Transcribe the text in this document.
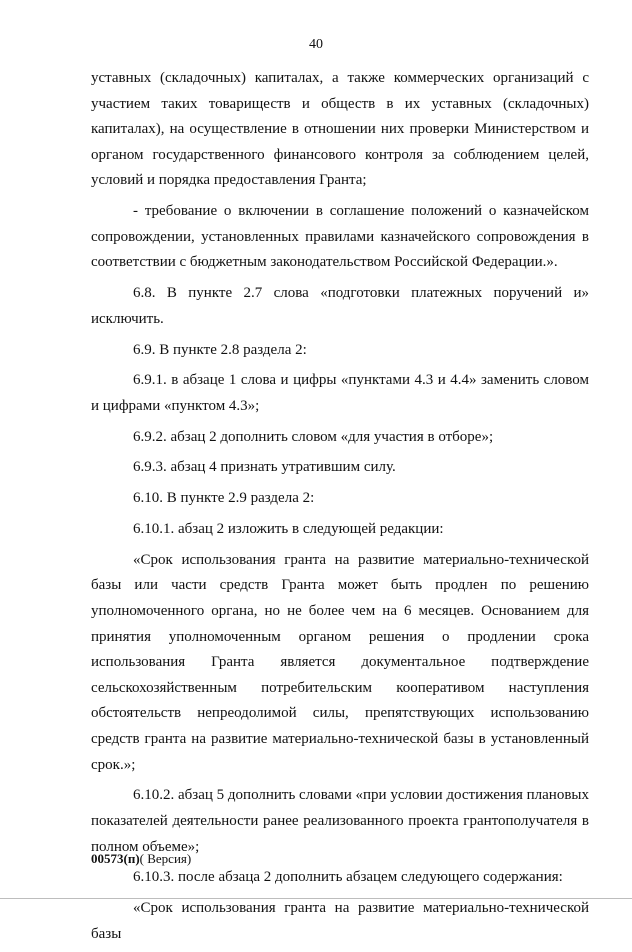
40

уставных (складочных) капиталах, а также коммерческих организаций с участием таких товариществ и обществ в их уставных (складочных) капиталах), на осуществление в отношении них проверки Министерством и органом государственного финансового контроля за соблюдением целей, условий и порядка предоставления Гранта;

- требование о включении в соглашение положений о казначейском сопровождении, установленных правилами казначейского сопровождения в соответствии с бюджетным законодательством Российской Федерации.».

6.8. В пункте 2.7 слова «подготовки платежных поручений и» исключить.

6.9. В пункте 2.8 раздела 2:

6.9.1. в абзаце 1 слова и цифры «пунктами 4.3 и 4.4» заменить словом и цифрами «пунктом 4.3»;

6.9.2. абзац 2 дополнить словом «для участия в отборе»;

6.9.3. абзац 4 признать утратившим силу.

6.10. В пункте 2.9 раздела 2:

6.10.1. абзац 2 изложить в следующей редакции:

«Срок использования гранта на развитие материально-технической базы или части средств Гранта может быть продлен по решению уполномоченного органа, но не более чем на 6 месяцев. Основанием для принятия уполномоченным органом решения о продлении срока использования Гранта является документальное подтверждение сельскохозяйственным потребительским кооперативом наступления обстоятельств непреодолимой силы, препятствующих использованию средств гранта на развитие материально-технической базы в установленный срок.»;

6.10.2. абзац 5 дополнить словами «при условии достижения плановых показателей деятельности ранее реализованного проекта грантополучателя в полном объеме»;

6.10.3. после абзаца 2 дополнить абзацем следующего содержания:

«Срок использования гранта на развитие материально-технической базы

00573(п)( Версия)
